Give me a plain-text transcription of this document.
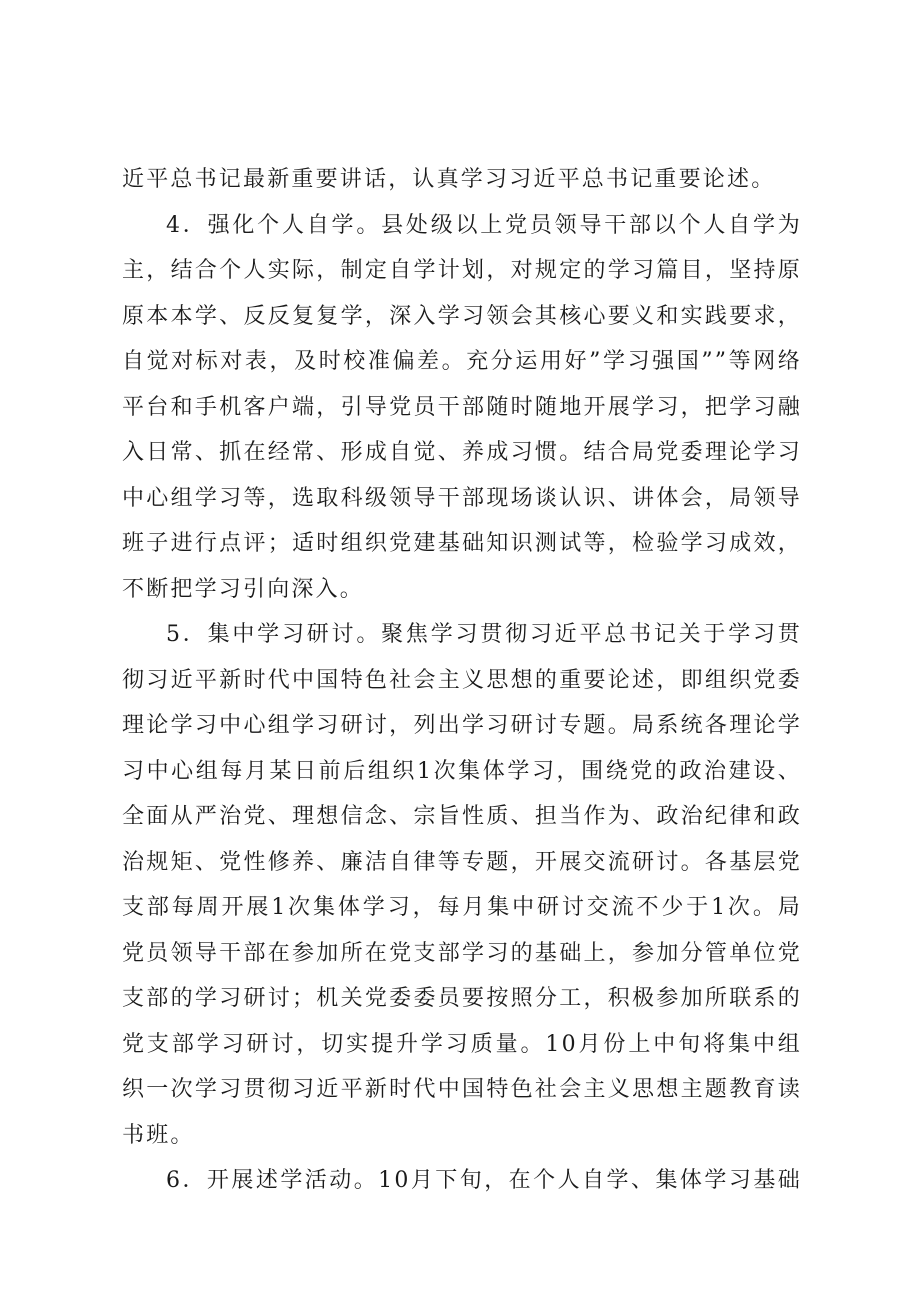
近平总书记最新重要讲话，认真学习习近平总书记重要论述。

4．强化个人自学。县处级以上党员领导干部以个人自学为主，结合个人实际，制定自学计划，对规定的学习篇目，坚持原原本本学、反反复复学，深入学习领会其核心要义和实践要求，自觉对标对表，及时校准偏差。充分运用好”学习强国””等网络平台和手机客户端，引导党员干部随时随地开展学习，把学习融入日常、抓在经常、形成自觉、养成习惯。结合局党委理论学习中心组学习等，选取科级领导干部现场谈认识、讲体会，局领导班子进行点评；适时组织党建基础知识测试等，检验学习成效，不断把学习引向深入。

5．集中学习研讨。聚焦学习贯彻习近平总书记关于学习贯彻习近平新时代中国特色社会主义思想的重要论述，即组织党委理论学习中心组学习研讨，列出学习研讨专题。局系统各理论学习中心组每月某日前后组织1次集体学习，围绕党的政治建设、全面从严治党、理想信念、宗旨性质、担当作为、政治纪律和政治规矩、党性修养、廉洁自律等专题，开展交流研讨。各基层党支部每周开展1次集体学习，每月集中研讨交流不少于1次。局党员领导干部在参加所在党支部学习的基础上，参加分管单位党支部的学习研讨；机关党委委员要按照分工，积极参加所联系的党支部学习研讨，切实提升学习质量。10月份上中旬将集中组织一次学习贯彻习近平新时代中国特色社会主义思想主题教育读书班。

6．开展述学活动。10月下旬，在个人自学、集体学习基础
